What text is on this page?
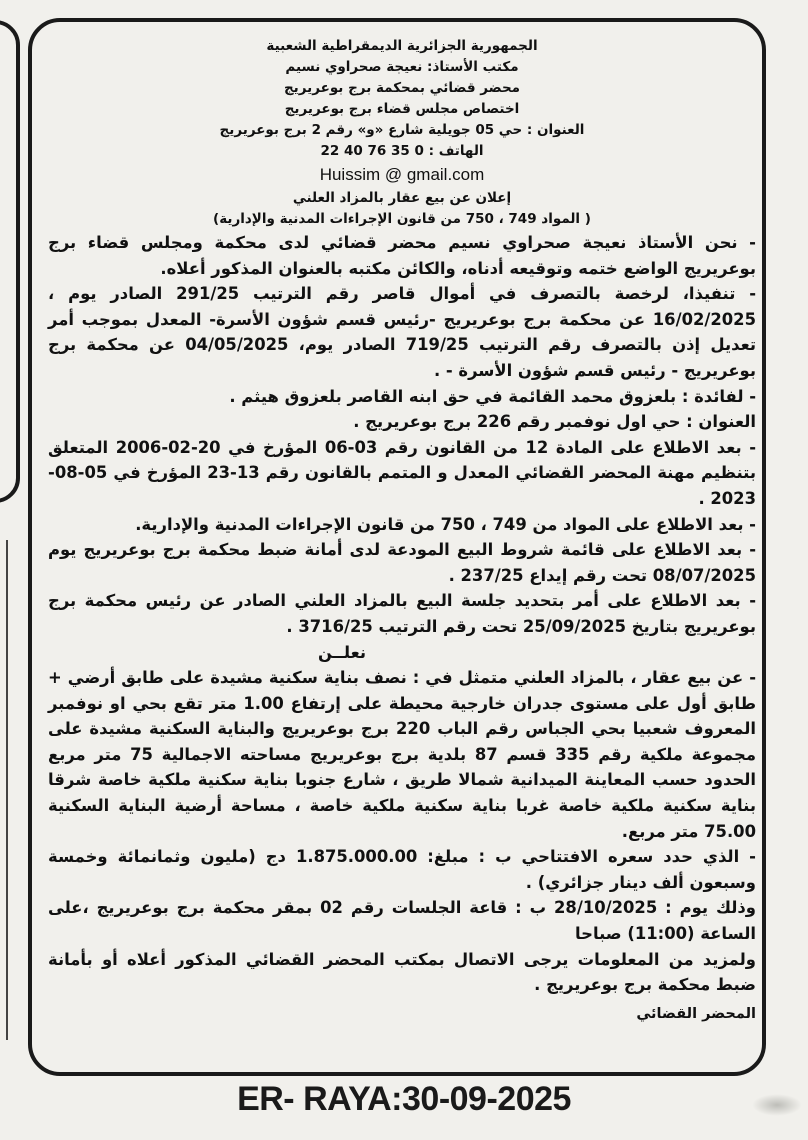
الجمهورية الجزائرية الديمقراطية الشعبية

مكتب الأستاذ: نعيجة صحراوي نسيم

محضر قضائي بمحكمة برج بوعريريج

اختصاص مجلس قضاء برج بوعريريج

العنوان : حي 05 جويلية شارع «و» رقم 2 برج بوعريريج

الهاتف : 0 35 76 40 22

Huissim @ gmail.com

إعلان عن بيع عقار بالمزاد العلني

( المواد 749 ، 750 من قانون الإجراءات المدنية والإدارية)

- نحن الأستاذ نعيجة صحراوي نسيم محضر قضائي لدى محكمة ومجلس قضاء برج بوعريريج الواضع ختمه وتوقيعه أدناه، والكائن مكتبه بالعنوان المذكور أعلاه.

- تنفيذا، لرخصة بالتصرف في أموال قاصر رقم الترتيب 291/25 الصادر يوم ، 16/02/2025 عن محكمة برج بوعريريج -رئيس قسم شؤون الأسرة- المعدل بموجب أمر تعديل إذن بالتصرف رقم الترتيب 719/25 الصادر يوم، 04/05/2025 عن محكمة برج بوعريريج - رئيس قسم شؤون الأسرة - .

- لفائدة : بلعزوق محمد القائمة في حق ابنه القاصر بلعزوق هيثم .

العنوان : حي اول نوفمبر رقم 226 برج بوعريريج .

- بعد الاطلاع على المادة 12 من القانون رقم 03-06 المؤرخ في 20-02-2006 المتعلق بتنظيم مهنة المحضر القضائي المعدل و المتمم بالقانون رقم 13-23 المؤرخ في 05-08-2023 .

- بعد الاطلاع على المواد من 749 ، 750 من قانون الإجراءات المدنية والإدارية.

- بعد الاطلاع على قائمة شروط البيع المودعة لدى أمانة ضبط محكمة برج بوعريريج يوم 08/07/2025 تحت رقم إيداع 237/25 .

- بعد الاطلاع على أمر بتحديد جلسة البيع بالمزاد العلني الصادر عن رئيس محكمة برج بوعريريج بتاريخ 25/09/2025 تحت رقم الترتيب 3716/25 .

نعلــن

- عن بيع عقار ، بالمزاد العلني متمثل في : نصف بناية سكنية مشيدة على طابق أرضي + طابق أول على مستوى جدران خارجية محيطة على إرتفاع 1.00 متر تقع بحي او نوفمبر المعروف شعبيا بحي الجباس رقم الباب 220 برج بوعريريج والبناية السكنية مشيدة على مجموعة ملكية رقم 335 قسم 87 بلدية برج بوعريريج مساحته الاجمالية 75 متر مربع الحدود حسب المعاينة الميدانية شمالا طريق ، شارع جنوبا بناية سكنية ملكية خاصة شرقا بناية سكنية ملكية خاصة غربا بناية سكنية ملكية خاصة ، مساحة أرضية البناية السكنية 75.00 متر مربع.

- الذي حدد سعره الافتتاحي ب : مبلغ: 1.875.000.00 دج (مليون وثمانمائة وخمسة وسبعون ألف دينار جزائري) .

وذلك يوم : 28/10/2025 ب : قاعة الجلسات رقم 02 بمقر محكمة برج بوعريريج ،على الساعة (11:00) صباحا

ولمزيد من المعلومات يرجى الاتصال بمكتب المحضر القضائي المذكور أعلاه أو بأمانة ضبط محكمة برج بوعريريج .

المحضر القضائي
ER- RAYA:30-09-2025
